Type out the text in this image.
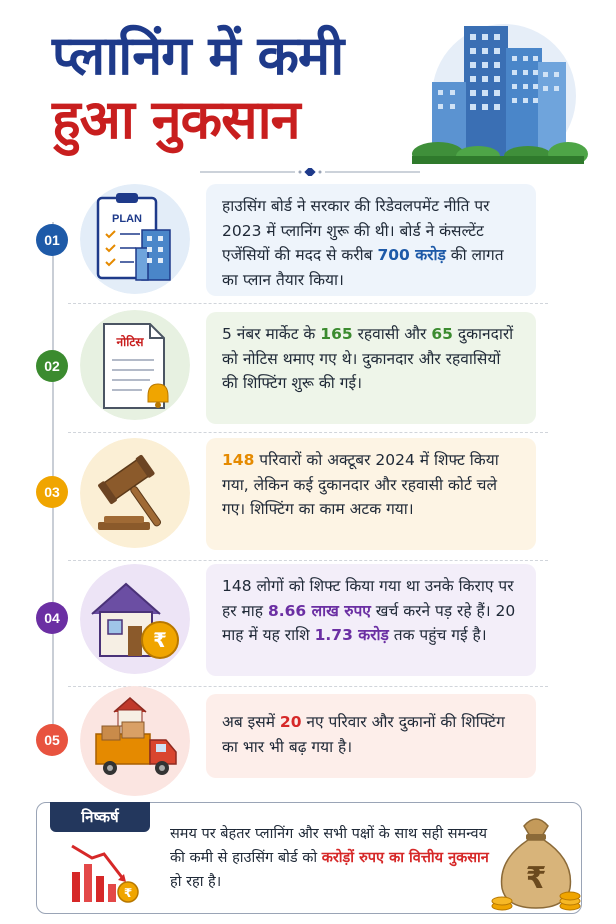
प्लानिंग में कमी
हुआ नुकसान
01
PLAN
हाउसिंग बोर्ड ने सरकार की रिडेवलपमेंट नीति पर 2023 में प्लानिंग शुरू की थी। बोर्ड ने कंसल्टेंट एजेंसियों की मदद से करीब 700 करोड़ की लागत का प्लान तैयार किया।
02
नोटिस	5 नंबर मार्केट के 165 रहवासी और 65 दुकानदारों को नोटिस थमाए गए थे। दुकानदार और रहवासियों की शिफ्टिंग शुरू की गई।
03
148 परिवारों को अक्टूबर 2024 में शिफ्ट किया गया, लेकिन कई दुकानदार और रहवासी कोर्ट चले गए। शिफ्टिंग का काम अटक गया।
04
₹
148 लोगों को शिफ्ट किया गया था उनके किराए पर हर माह 8.66 लाख रुपए खर्च करने पड़ रहे हैं। 20 माह में यह राशि 1.73 करोड़ तक पहुंच गई है।
05
अब इसमें 20 नए परिवार और दुकानों की शिफ्टिंग का भार भी बढ़ गया है।
निष्कर्ष
₹
समय पर बेहतर प्लानिंग और सभी पक्षों के साथ सही समन्वय की कमी से हाउसिंग बोर्ड को करोड़ों रुपए का वित्तीय नुकसान हो रहा है।	₹
